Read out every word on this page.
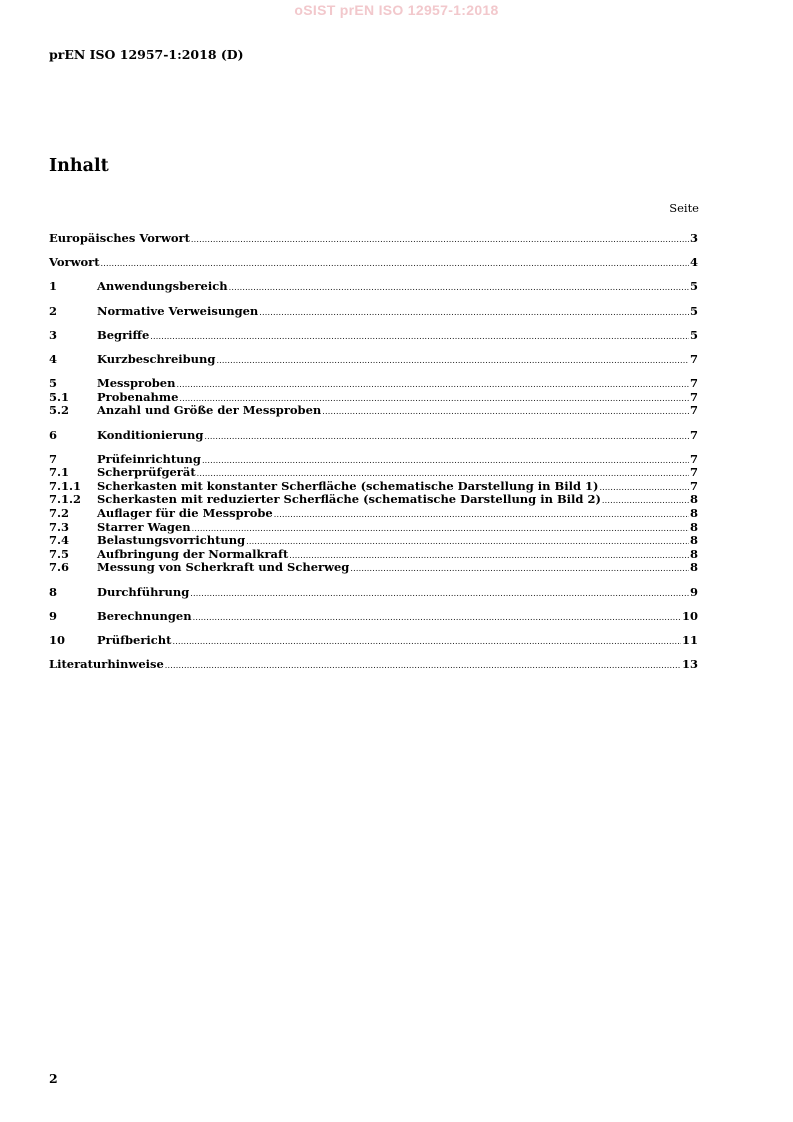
oSIST prEN ISO 12957-1:2018
prEN ISO 12957-1:2018 (D)
Inhalt
Seite
Europäisches Vorwort .....	3
Vorwort .....	4
1	Anwendungsbereich .....	5
2	Normative Verweisungen .....	5
3	Begriffe .....	5
4	Kurzbeschreibung .....	7
5	Messproben .....	7
5.1	Probenahme .....	7
5.2	Anzahl und Größe der Messproben .....	7
6	Konditionierung .....	7
7	Prüfeinrichtung .....	7
7.1	Scherprüfgerät .....	7
7.1.1	Scherkasten mit konstanter Scherfläche (schematische Darstellung in Bild 1) .....	7
7.1.2	Scherkasten mit reduzierter Scherfläche (schematische Darstellung in Bild 2) .....	8
7.2	Auflager für die Messprobe .....	8
7.3	Starrer Wagen .....	8
7.4	Belastungsvorrichtung .....	8
7.5	Aufbringung der Normalkraft .....	8
7.6	Messung von Scherkraft und Scherweg .....	8
8	Durchführung .....	9
9	Berechnungen .....	10
10	Prüfbericht .....	11
Literaturhinweise .....	13
2
